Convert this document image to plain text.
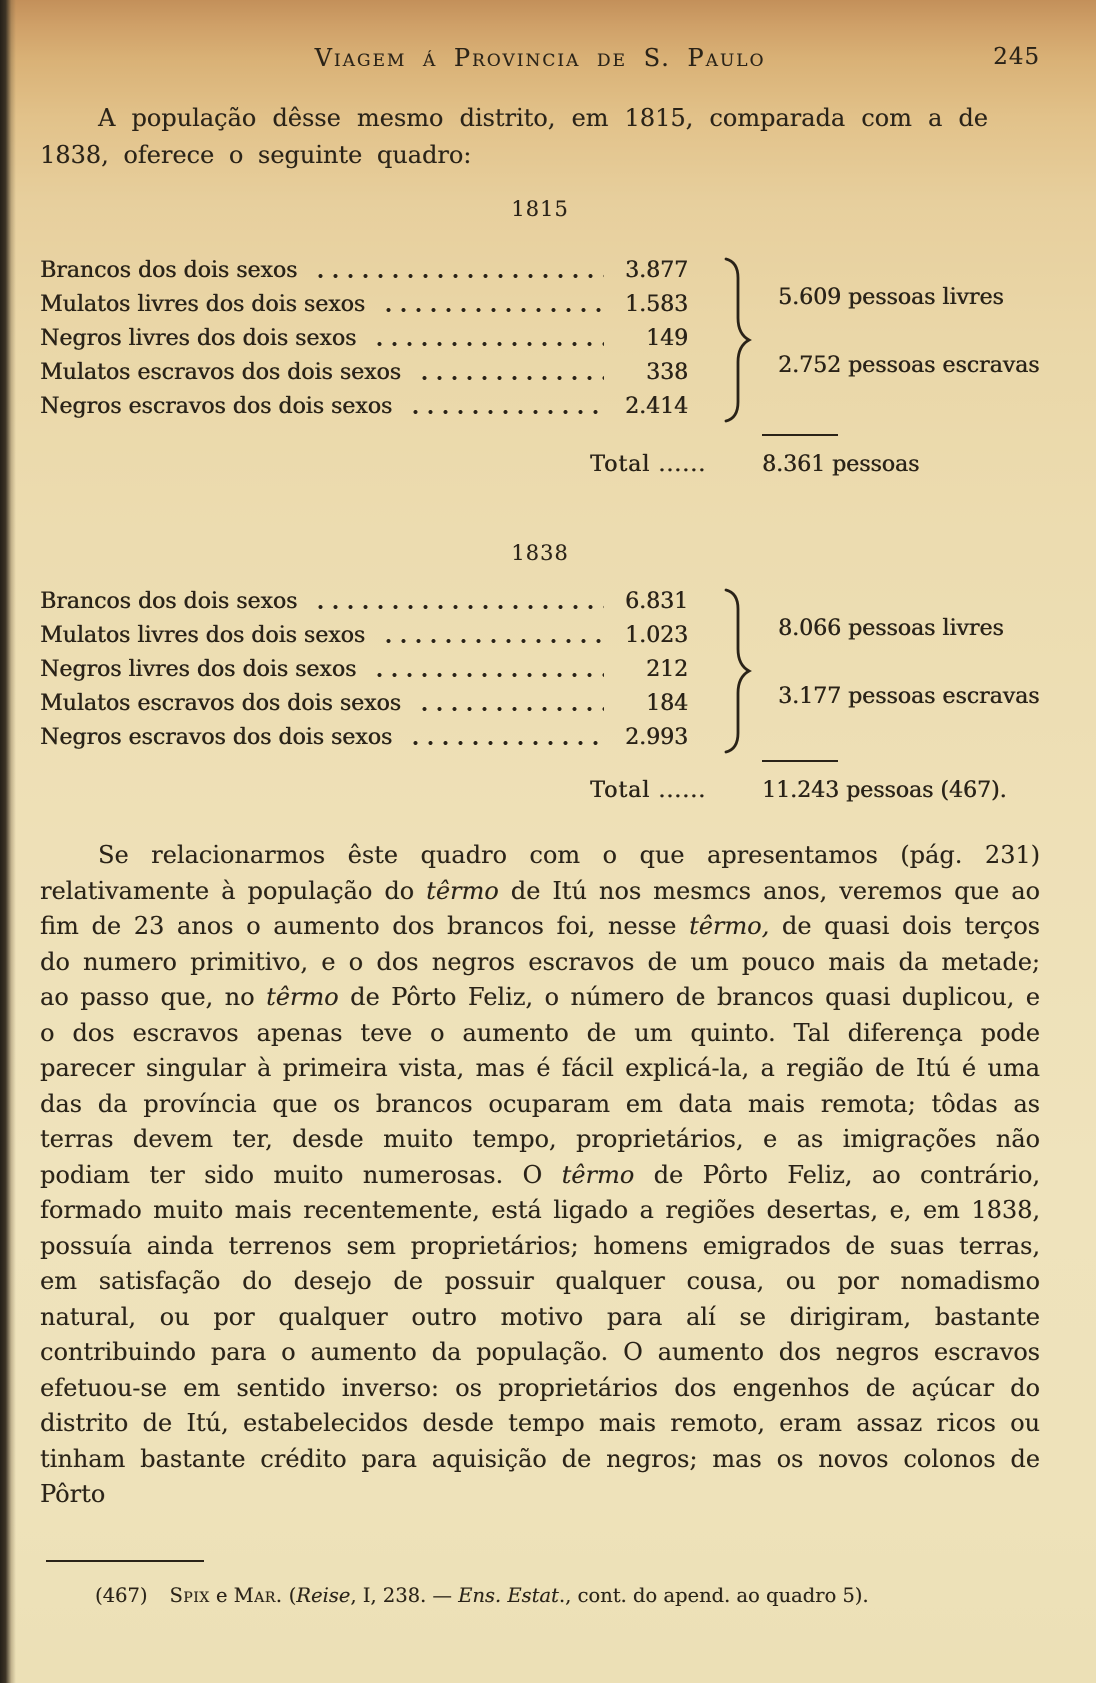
Viagem á Provincia de S. Paulo	245

A população dêsse mesmo distrito, em 1815, comparada com a de 1838, oferece o seguinte quadro:

1815
Brancos dos dois sexos	3.877
Mulatos livres dos dois sexos	1.583
Negros livres dos dois sexos	149
Mulatos escravos dos dois sexos	338
Negros escravos dos dois sexos	2.414
5.609 pessoas livres
2.752 pessoas escravas
Total ......	8.361 pessoas
1838
Brancos dos dois sexos	6.831
Mulatos livres dos dois sexos	1.023
Negros livres dos dois sexos	212
Mulatos escravos dos dois sexos	184
Negros escravos dos dois sexos	2.993
8.066 pessoas livres
3.177 pessoas escravas
Total ......	11.243 pessoas (467).

Se relacionarmos êste quadro com o que apresentamos (pág. 231) relativamente à população do têrmo de Itú nos mesmcs anos, veremos que ao fim de 23 anos o aumento dos brancos foi, nesse têrmo, de quasi dois terços do numero primitivo, e o dos negros escravos de um pouco mais da metade; ao passo que, no têrmo de Pôrto Feliz, o número de brancos quasi duplicou, e o dos escravos apenas teve o aumento de um quinto. Tal diferença pode parecer singular à primeira vista, mas é fácil explicá-la, a região de Itú é uma das da província que os brancos ocuparam em data mais remota; tôdas as terras devem ter, desde muito tempo, proprietários, e as imigrações não podiam ter sido muito numerosas. O têrmo de Pôrto Feliz, ao contrário, formado muito mais recentemente, está ligado a regiões desertas, e, em 1838, possuía ainda terrenos sem proprietários; homens emigrados de suas terras, em satisfação do desejo de possuir qualquer cousa, ou por nomadismo natural, ou por qualquer outro motivo para alí se dirigiram, bastante contribuindo para o aumento da população. O aumento dos negros escravos efetuou-se em sentido inverso: os proprietários dos engenhos de açúcar do distrito de Itú, estabelecidos desde tempo mais remoto, eram assaz ricos ou tinham bastante crédito para aquisição de negros; mas os novos colonos de Pôrto

(467) Spix e Mar. (Reise, I, 238. — Ens. Estat., cont. do apend. ao quadro 5).
